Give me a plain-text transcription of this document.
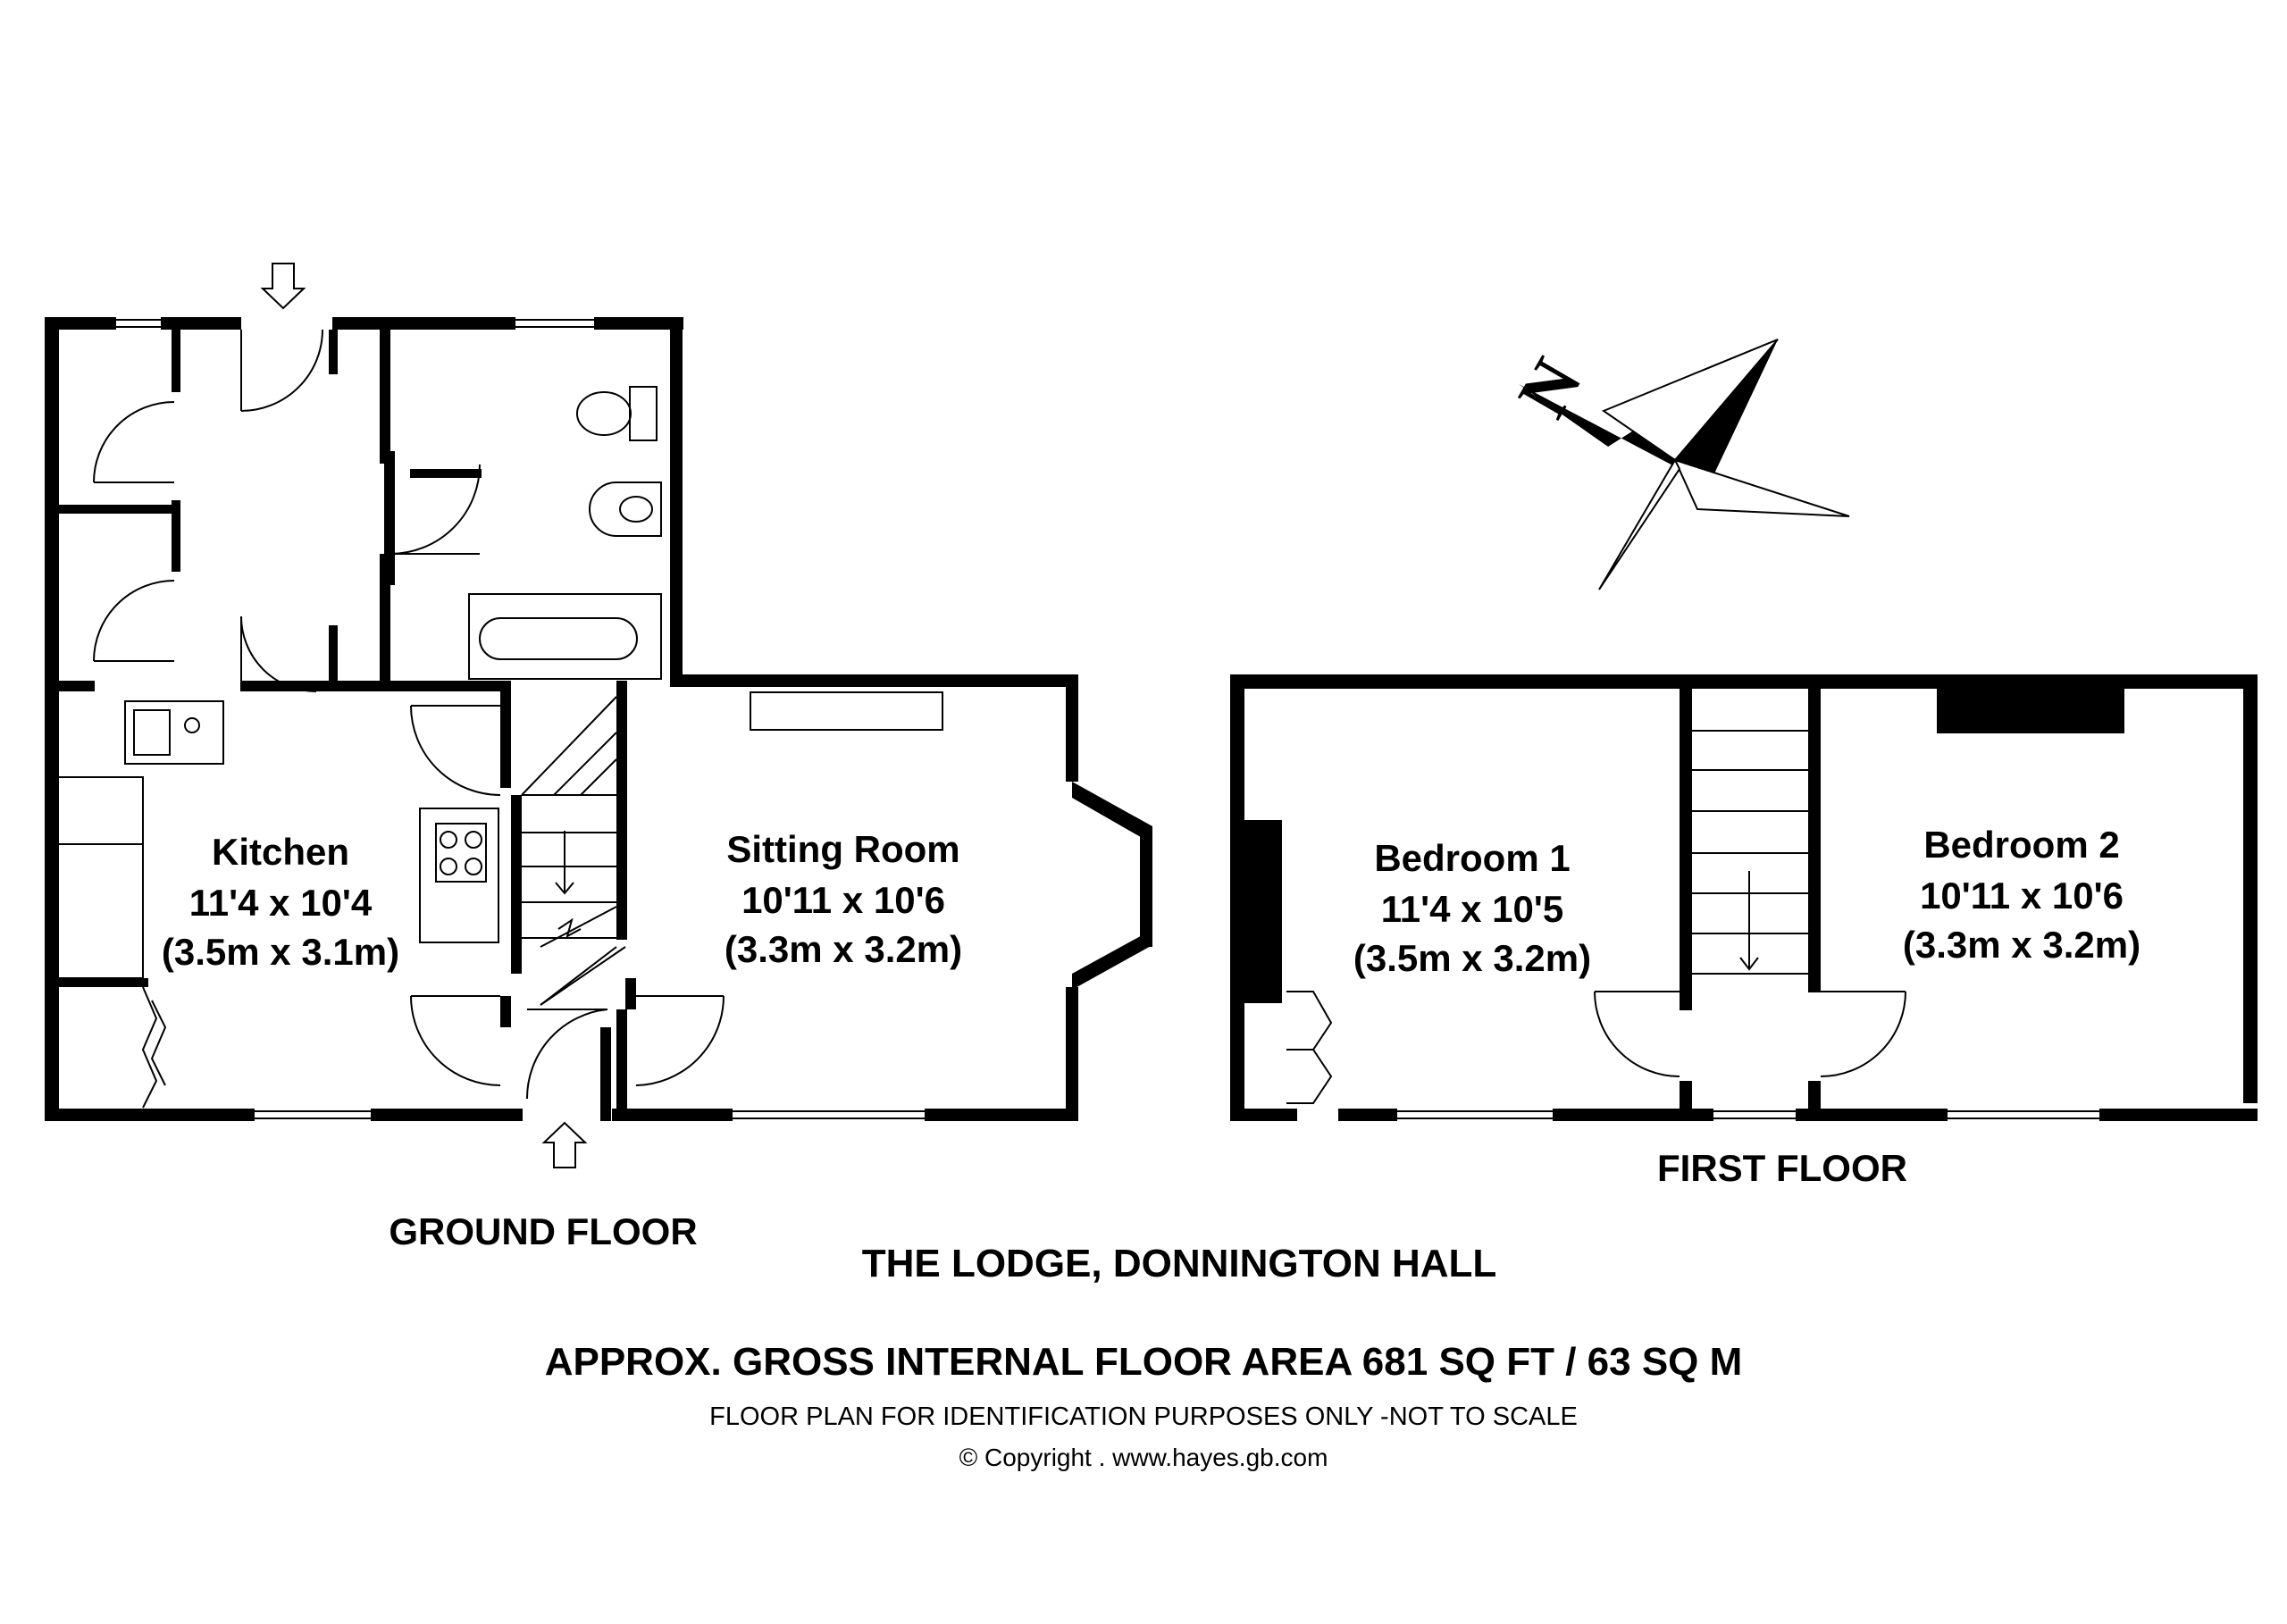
N
Kitchen
11'4 x 10'4
(3.5m x 3.1m)
Sitting Room
10'11 x 10'6
(3.3m x 3.2m)
Bedroom 1
11'4 x 10'5
(3.5m x 3.2m)
Bedroom 2
10'11 x 10'6
(3.3m x 3.2m)
GROUND FLOOR
FIRST FLOOR
THE LODGE, DONNINGTON HALL
APPROX. GROSS INTERNAL FLOOR AREA 681 SQ FT / 63 SQ M
FLOOR PLAN FOR IDENTIFICATION PURPOSES ONLY -NOT TO SCALE
© Copyright . www.hayes.gb.com
